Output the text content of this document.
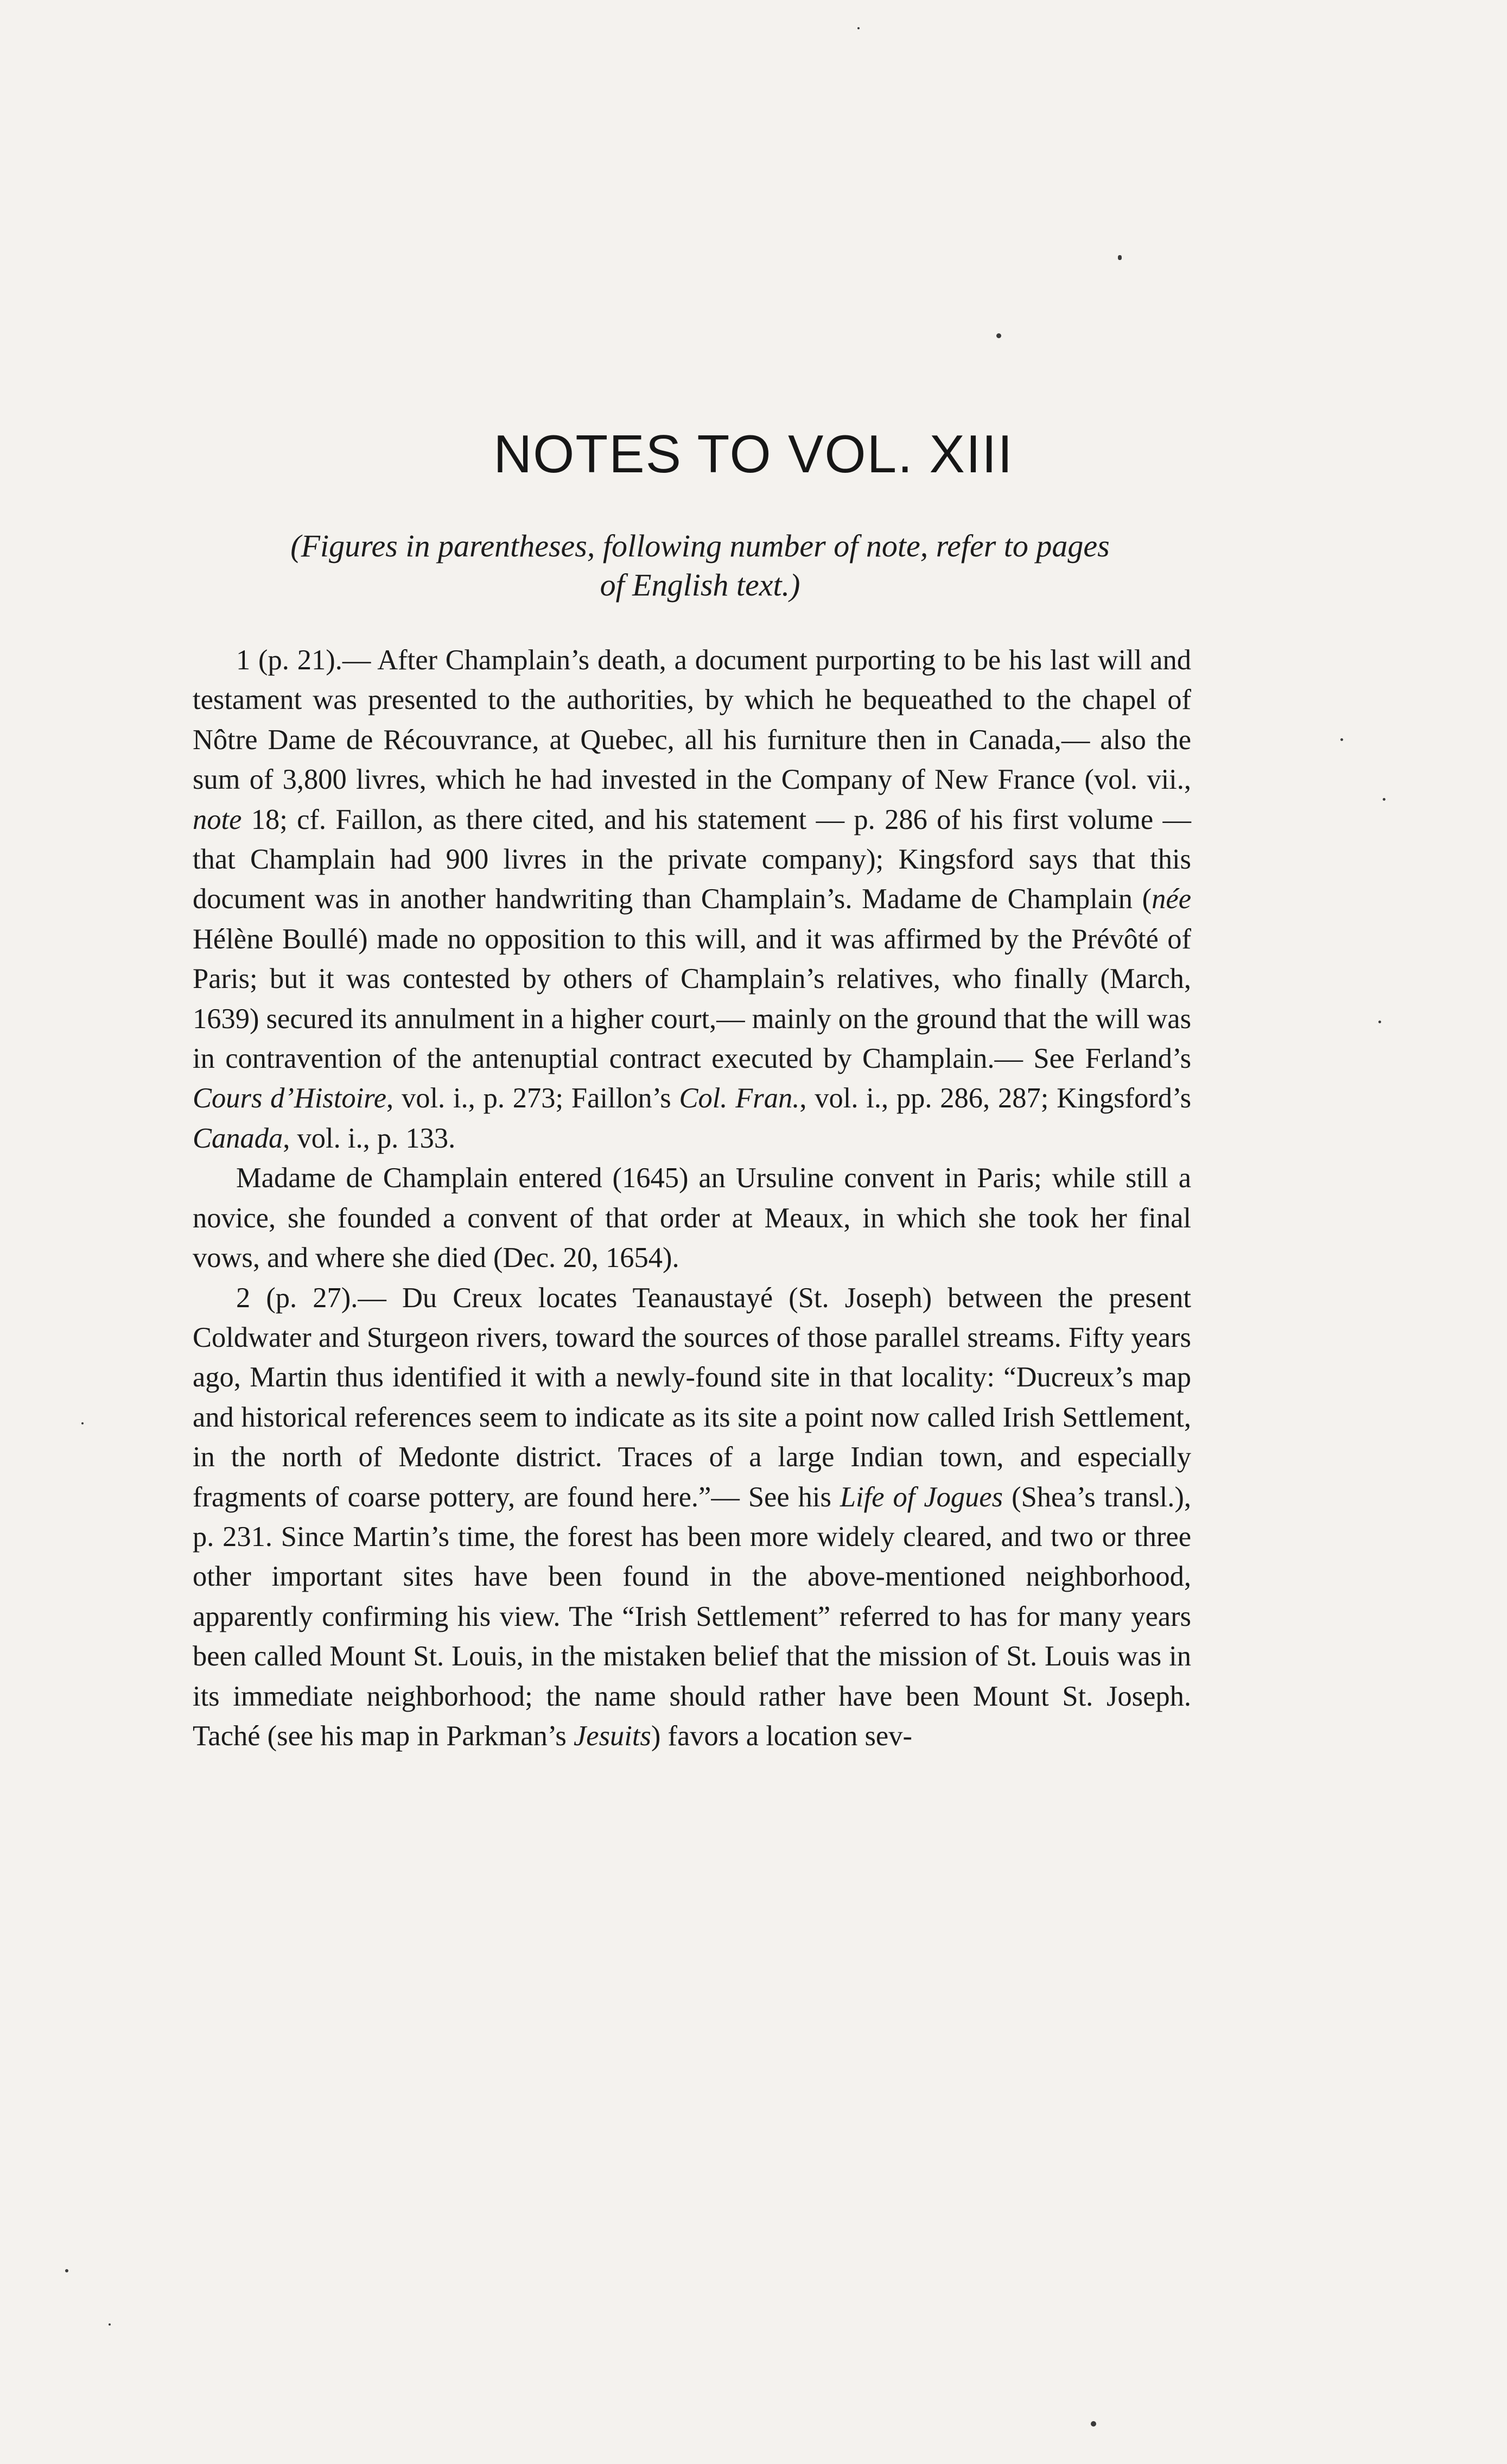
NOTES TO VOL. XIII
(Figures in parentheses, following number of note, refer to pages
of English text.)

1 (p. 21).— After Champlain’s death, a document purporting to be his last will and testament was presented to the authorities, by which he bequeathed to the chapel of Nôtre Dame de Récouvrance, at Quebec, all his furniture then in Canada,— also the sum of 3,800 livres, which he had invested in the Company of New France (vol. vii., note 18; cf. Faillon, as there cited, and his statement — p. 286 of his first volume — that Champlain had 900 livres in the private company); Kingsford says that this document was in another handwriting than Champlain’s. Madame de Champlain (née Hélène Boullé) made no opposition to this will, and it was affirmed by the Prévôté of Paris; but it was contested by others of Champlain’s relatives, who finally (March, 1639) secured its annulment in a higher court,— mainly on the ground that the will was in contravention of the antenuptial contract executed by Champlain.— See Ferland’s Cours d’Histoire, vol. i., p. 273; Faillon’s Col. Fran., vol. i., pp. 286, 287; Kingsford’s Canada, vol. i., p. 133.

Madame de Champlain entered (1645) an Ursuline convent in Paris; while still a novice, she founded a convent of that order at Meaux, in which she took her final vows, and where she died (Dec. 20, 1654).

2 (p. 27).— Du Creux locates Teanaustayé (St. Joseph) between the present Coldwater and Sturgeon rivers, toward the sources of those parallel streams. Fifty years ago, Martin thus identified it with a newly-found site in that locality: “Ducreux’s map and historical references seem to indicate as its site a point now called Irish Settlement, in the north of Medonte district. Traces of a large Indian town, and especially fragments of coarse pottery, are found here.”— See his Life of Jogues (Shea’s transl.), p. 231. Since Martin’s time, the forest has been more widely cleared, and two or three other important sites have been found in the above-mentioned neighborhood, apparently confirming his view. The “Irish Settlement” referred to has for many years been called Mount St. Louis, in the mistaken belief that the mission of St. Louis was in its immediate neighborhood; the name should rather have been Mount St. Joseph. Taché (see his map in Parkman’s Jesuits) favors a location sev-
